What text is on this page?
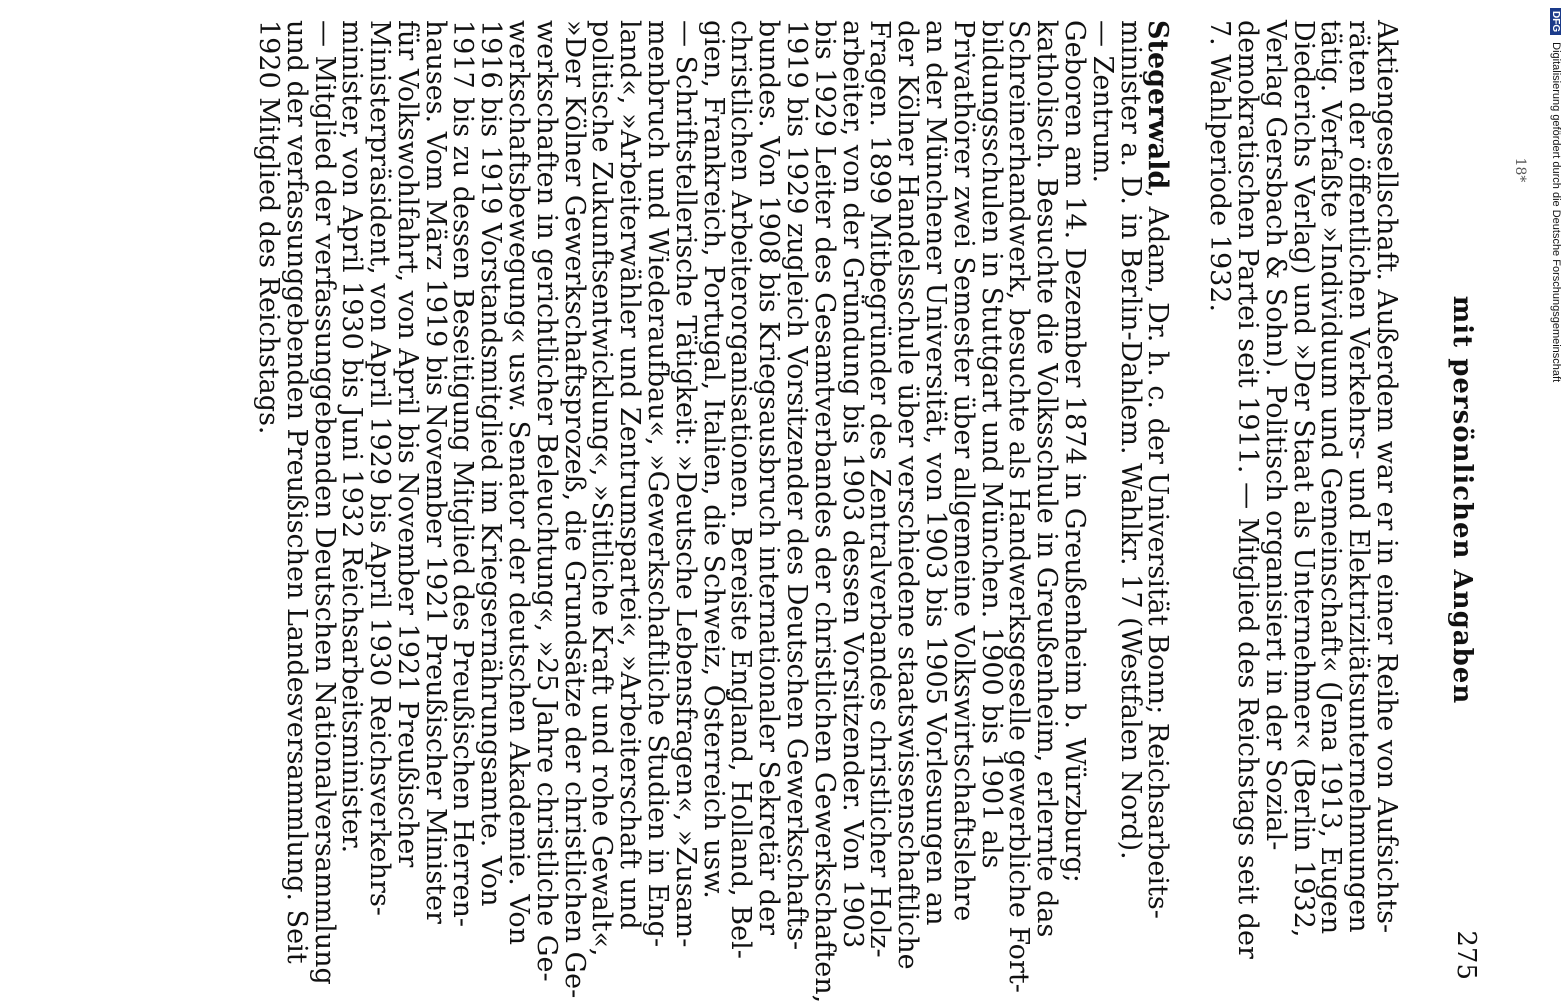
mit persönlichen Angaben
275
Aktiengesellschaft. Außerdem war er in einer Reihe von Aufsichts-
räten der öffentlichen Verkehrs- und Elektrizitätsunternehmungen
tätig. Verfaßte »Individuum und Gemeinschaft« (Jena 1913, Eugen
Diederichs Verlag) und »Der Staat als Unternehmer« (Berlin 1932,
Verlag Gersbach & Sohn). Politisch organisiert in der Sozial-
demokratischen Partei seit 1911. — Mitglied des Reichstags seit der
7. Wahlperiode 1932.
Stegerwald, Adam, Dr. h. c. der Universität Bonn; Reichsarbeits-
minister a. D. in Berlin-Dahlem. Wahlkr. 17 (Westfalen Nord).
— Zentrum.
Geboren am 14. Dezember 1874 in Greußenheim b. Würzburg;
katholisch. Besuchte die Volksschule in Greußenheim, erlernte das
Schreinerhandwerk, besuchte als Handwerksgeselle gewerbliche Fort-
bildungsschulen in Stuttgart und München. 1900 bis 1901 als
Privathörer zwei Semester über allgemeine Volkswirtschaftslehre
an der Münchener Universität, von 1903 bis 1905 Vorlesungen an
der Kölner Handelsschule über verschiedene staatswissenschaftliche
Fragen. 1899 Mitbegründer des Zentralverbandes christlicher Holz-
arbeiter, von der Gründung bis 1903 dessen Vorsitzender. Von 1903
bis 1929 Leiter des Gesamtverbandes der christlichen Gewerkschaften,
1919 bis 1929 zugleich Vorsitzender des Deutschen Gewerkschafts-
bundes. Von 1908 bis Kriegsausbruch internationaler Sekretär der
christlichen Arbeiterorganisationen. Bereiste England, Holland, Bel-
gien, Frankreich, Portugal, Italien, die Schweiz, Österreich usw.
— Schriftstellerische Tätigkeit: »Deutsche Lebensfragen«, »Zusam-
menbruch und Wiederaufbau«, »Gewerkschaftliche Studien in Eng-
land«, »Arbeiterwähler und Zentrumspartei«, »Arbeiterschaft und
politische Zukunftsentwicklung«, »Sittliche Kraft und rohe Gewalt«,
»Der Kölner Gewerkschaftsprozeß, die Grundsätze der christlichen Ge-
werkschaften in gerichtlicher Beleuchtung«, »25 Jahre christliche Ge-
werkschaftsbewegung« usw. Senator der deutschen Akademie. Von
1916 bis 1919 Vorstandsmitglied im Kriegsernährungsamte. Von
1917 bis zu dessen Beseitigung Mitglied des Preußischen Herren-
hauses. Vom März 1919 bis November 1921 Preußischer Minister
für Volkswohlfahrt, von April bis November 1921 Preußischer
Ministerpräsident, von April 1929 bis April 1930 Reichsverkehrs-
minister, von April 1930 bis Juni 1932 Reichsarbeitsminister.
— Mitglied der verfassunggebenden Deutschen Nationalversammlung
und der verfassunggebenden Preußischen Landesversammlung. Seit
1920 Mitglied des Reichstags.	18*
DFG Digitalisierung gefördert durch die Deutsche Forschungsgemeinschaft
